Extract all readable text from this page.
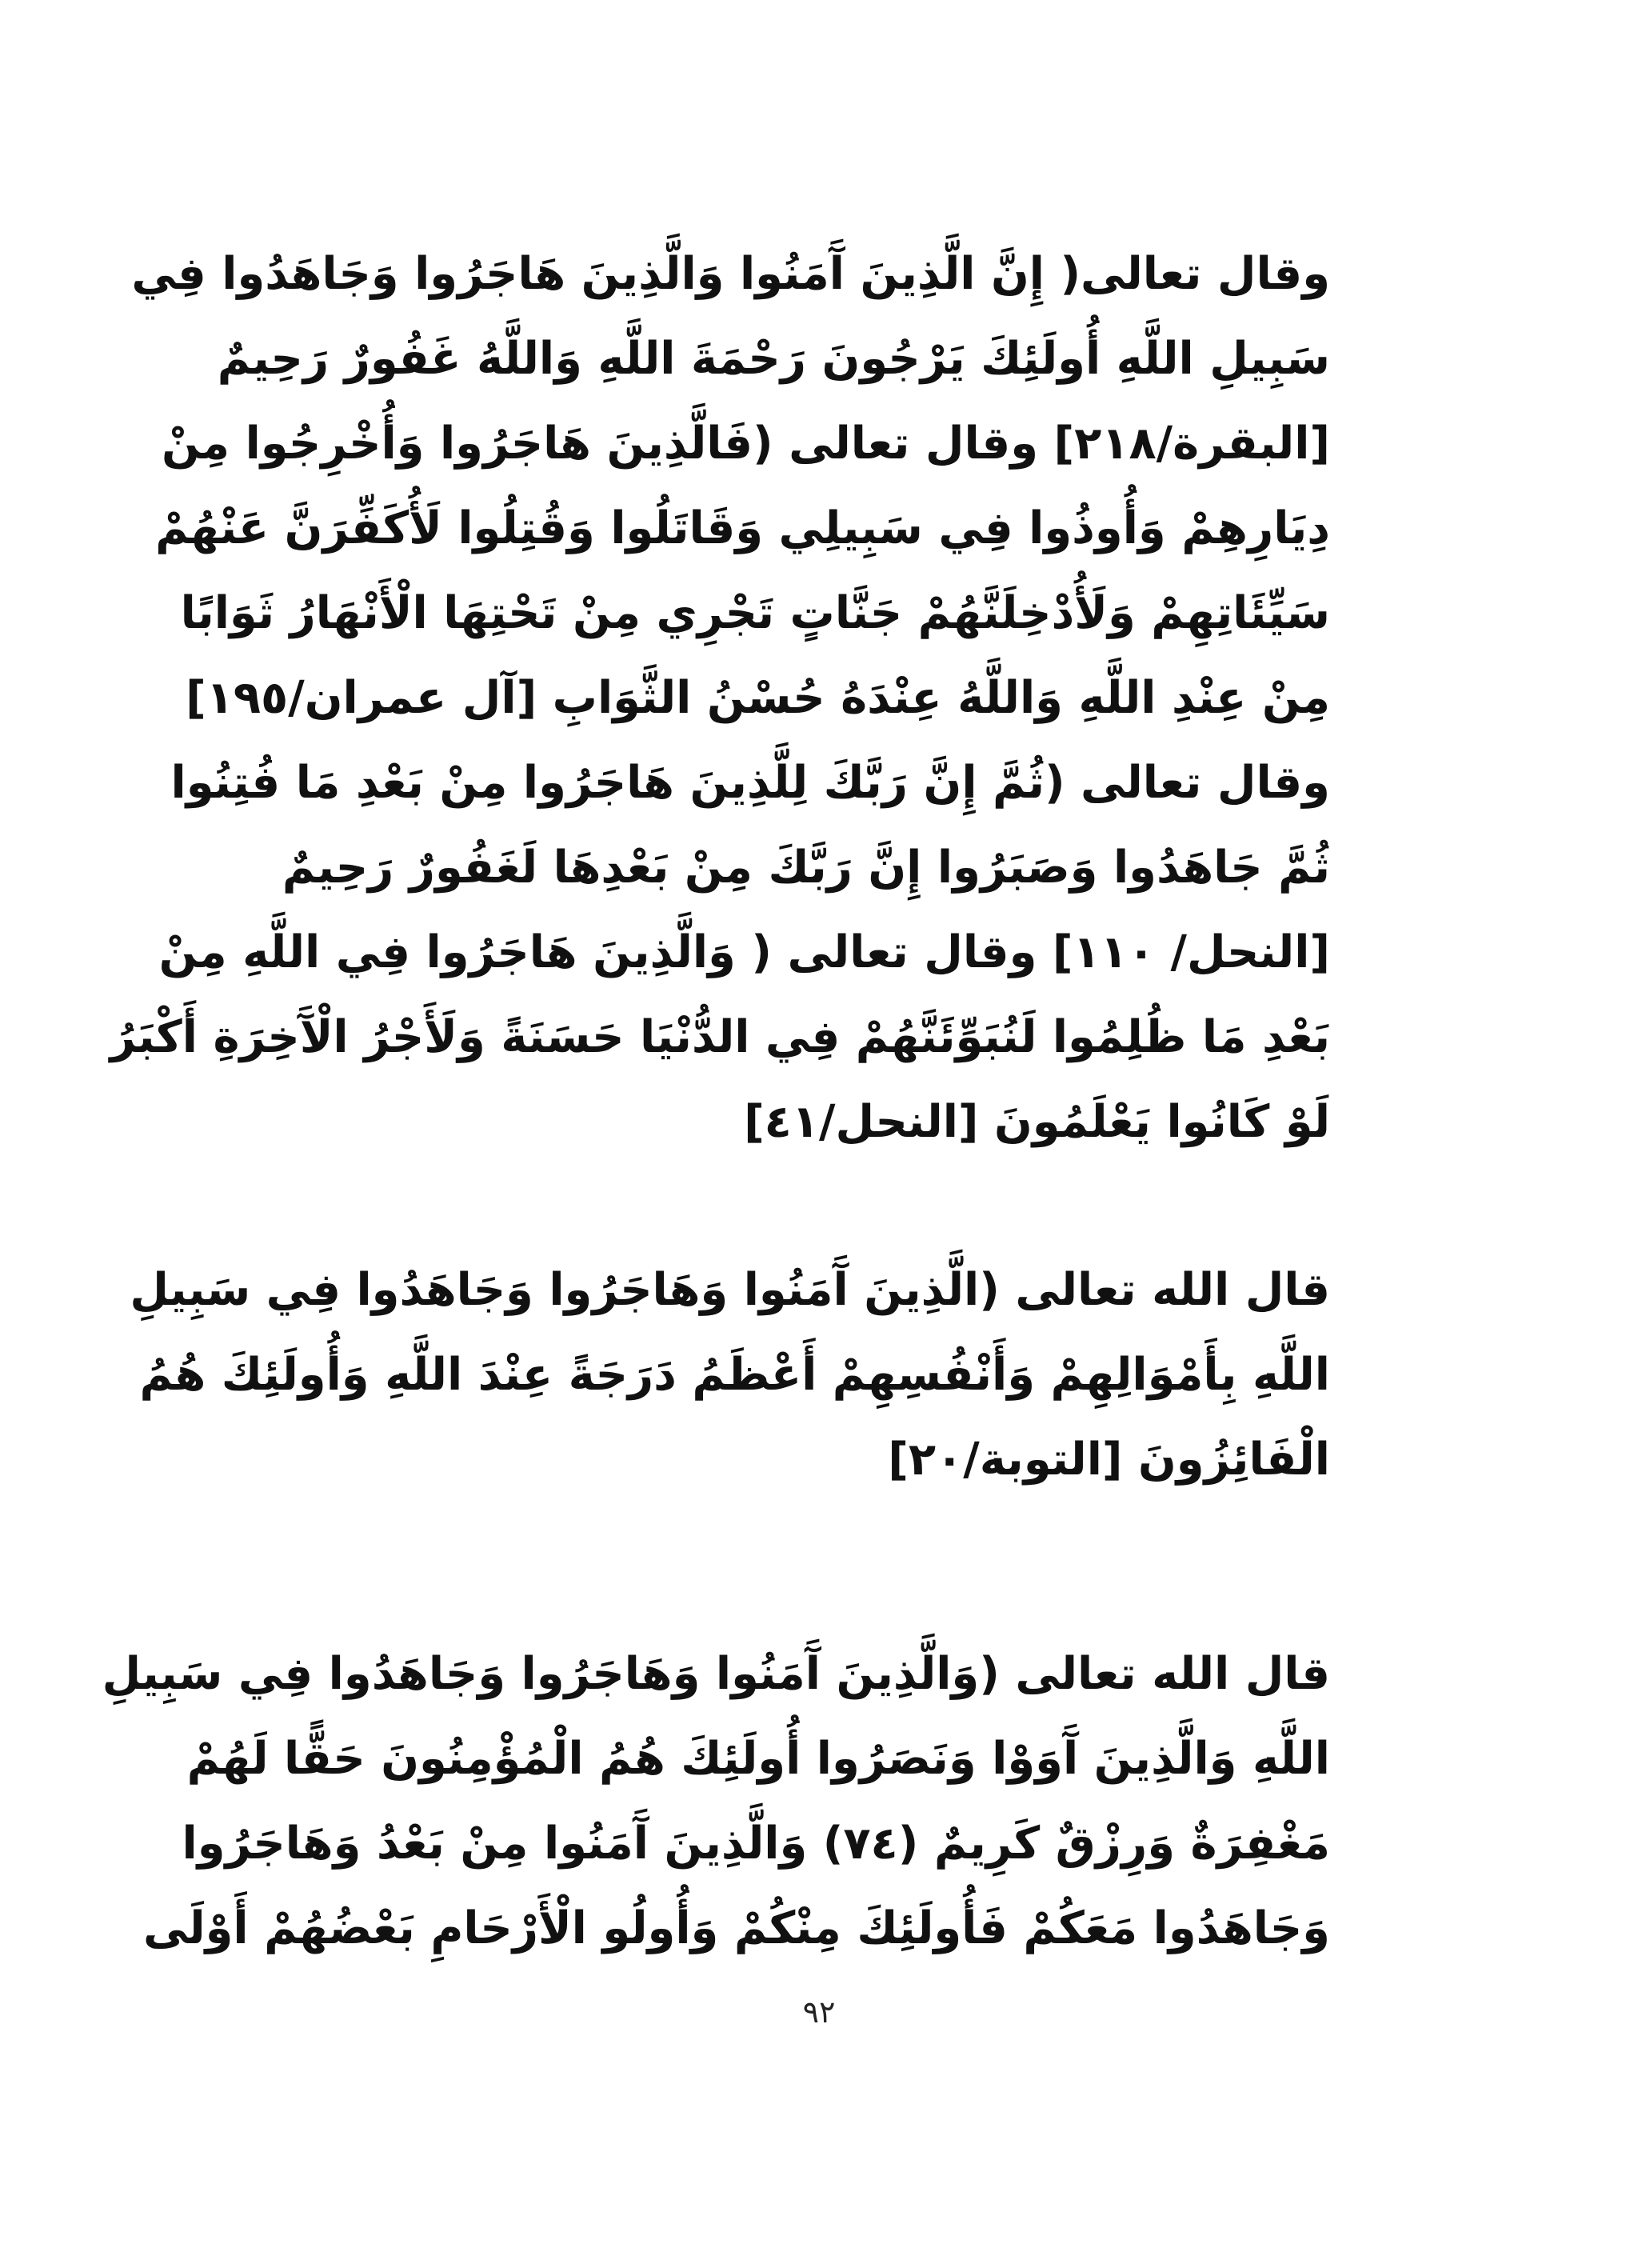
وقال تعالى( إِنَّ الَّذِينَ آَمَنُوا وَالَّذِينَ هَاجَرُوا وَجَاهَدُوا فِي
سَبِيلِ اللَّهِ أُولَئِكَ يَرْجُونَ رَحْمَةَ اللَّهِ وَاللَّهُ غَفُورٌ رَحِيمٌ
[البقرة/٢١٨] وقال تعالى (فَالَّذِينَ هَاجَرُوا وَأُخْرِجُوا مِنْ
دِيَارِهِمْ وَأُوذُوا فِي سَبِيلِي وَقَاتَلُوا وَقُتِلُوا لَأُكَفِّرَنَّ عَنْهُمْ
سَيِّئَاتِهِمْ وَلَأُدْخِلَنَّهُمْ جَنَّاتٍ تَجْرِي مِنْ تَحْتِهَا الْأَنْهَارُ ثَوَابًا
مِنْ عِنْدِ اللَّهِ وَاللَّهُ عِنْدَهُ حُسْنُ الثَّوَابِ [آل عمران/١٩٥]
وقال تعالى (ثُمَّ إِنَّ رَبَّكَ لِلَّذِينَ هَاجَرُوا مِنْ بَعْدِ مَا فُتِنُوا
ثُمَّ جَاهَدُوا وَصَبَرُوا إِنَّ رَبَّكَ مِنْ بَعْدِهَا لَغَفُورٌ رَحِيمٌ
[النحل/ ١١٠] وقال تعالى ( وَالَّذِينَ هَاجَرُوا فِي اللَّهِ مِنْ
بَعْدِ مَا ظُلِمُوا لَنُبَوِّئَنَّهُمْ فِي الدُّنْيَا حَسَنَةً وَلَأَجْرُ الْآَخِرَةِ أَكْبَرُ
لَوْ كَانُوا يَعْلَمُونَ [النحل/٤١]
قال الله تعالى (الَّذِينَ آَمَنُوا وَهَاجَرُوا وَجَاهَدُوا فِي سَبِيلِ
اللَّهِ بِأَمْوَالِهِمْ وَأَنْفُسِهِمْ أَعْظَمُ دَرَجَةً عِنْدَ اللَّهِ وَأُولَئِكَ هُمُ
الْفَائِزُونَ [التوبة/٢٠]
قال الله تعالى (وَالَّذِينَ آَمَنُوا وَهَاجَرُوا وَجَاهَدُوا فِي سَبِيلِ
اللَّهِ وَالَّذِينَ آَوَوْا وَنَصَرُوا أُولَئِكَ هُمُ الْمُؤْمِنُونَ حَقًّا لَهُمْ
مَغْفِرَةٌ وَرِزْقٌ كَرِيمٌ (٧٤) وَالَّذِينَ آَمَنُوا مِنْ بَعْدُ وَهَاجَرُوا
وَجَاهَدُوا مَعَكُمْ فَأُولَئِكَ مِنْكُمْ وَأُولُو الْأَرْحَامِ بَعْضُهُمْ أَوْلَى
٩٢
